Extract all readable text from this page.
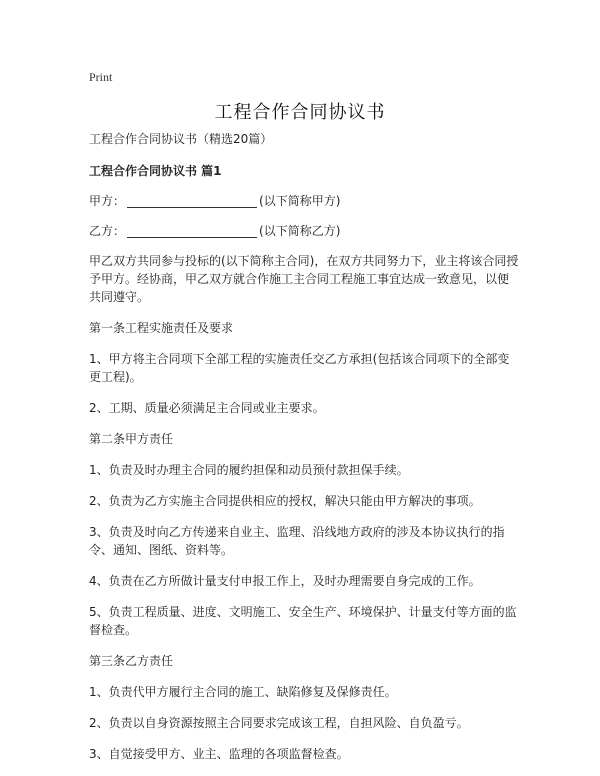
Print
工程合作合同协议书

工程合作合同协议书（精选20篇）

工程合作合同协议书 篇1

甲方：	(以下简称甲方)

乙方：	(以下简称乙方)

甲乙双方共同参与投标的(以下简称主合同)，在双方共同努力下，业主将该合同授予甲方。经协商，甲乙双方就合作施工主合同工程施工事宜达成一致意见，以便共同遵守。

第一条工程实施责任及要求

1、甲方将主合同项下全部工程的实施责任交乙方承担(包括该合同项下的全部变更工程)。

2、工期、质量必须满足主合同或业主要求。

第二条甲方责任

1、负责及时办理主合同的履约担保和动员预付款担保手续。

2、负责为乙方实施主合同提供相应的授权，解决只能由甲方解决的事项。

3、负责及时向乙方传递来自业主、监理、沿线地方政府的涉及本协议执行的指令、通知、图纸、资料等。

4、负责在乙方所做计量支付申报工作上，及时办理需要自身完成的工作。

5、负责工程质量、进度、文明施工、安全生产、环境保护、计量支付等方面的监督检查。

第三条乙方责任

1、负责代甲方履行主合同的施工、缺陷修复及保修责任。

2、负责以自身资源按照主合同要求完成该工程，自担风险、自负盈亏。

3、自觉接受甲方、业主、监理的各项监督检查。
